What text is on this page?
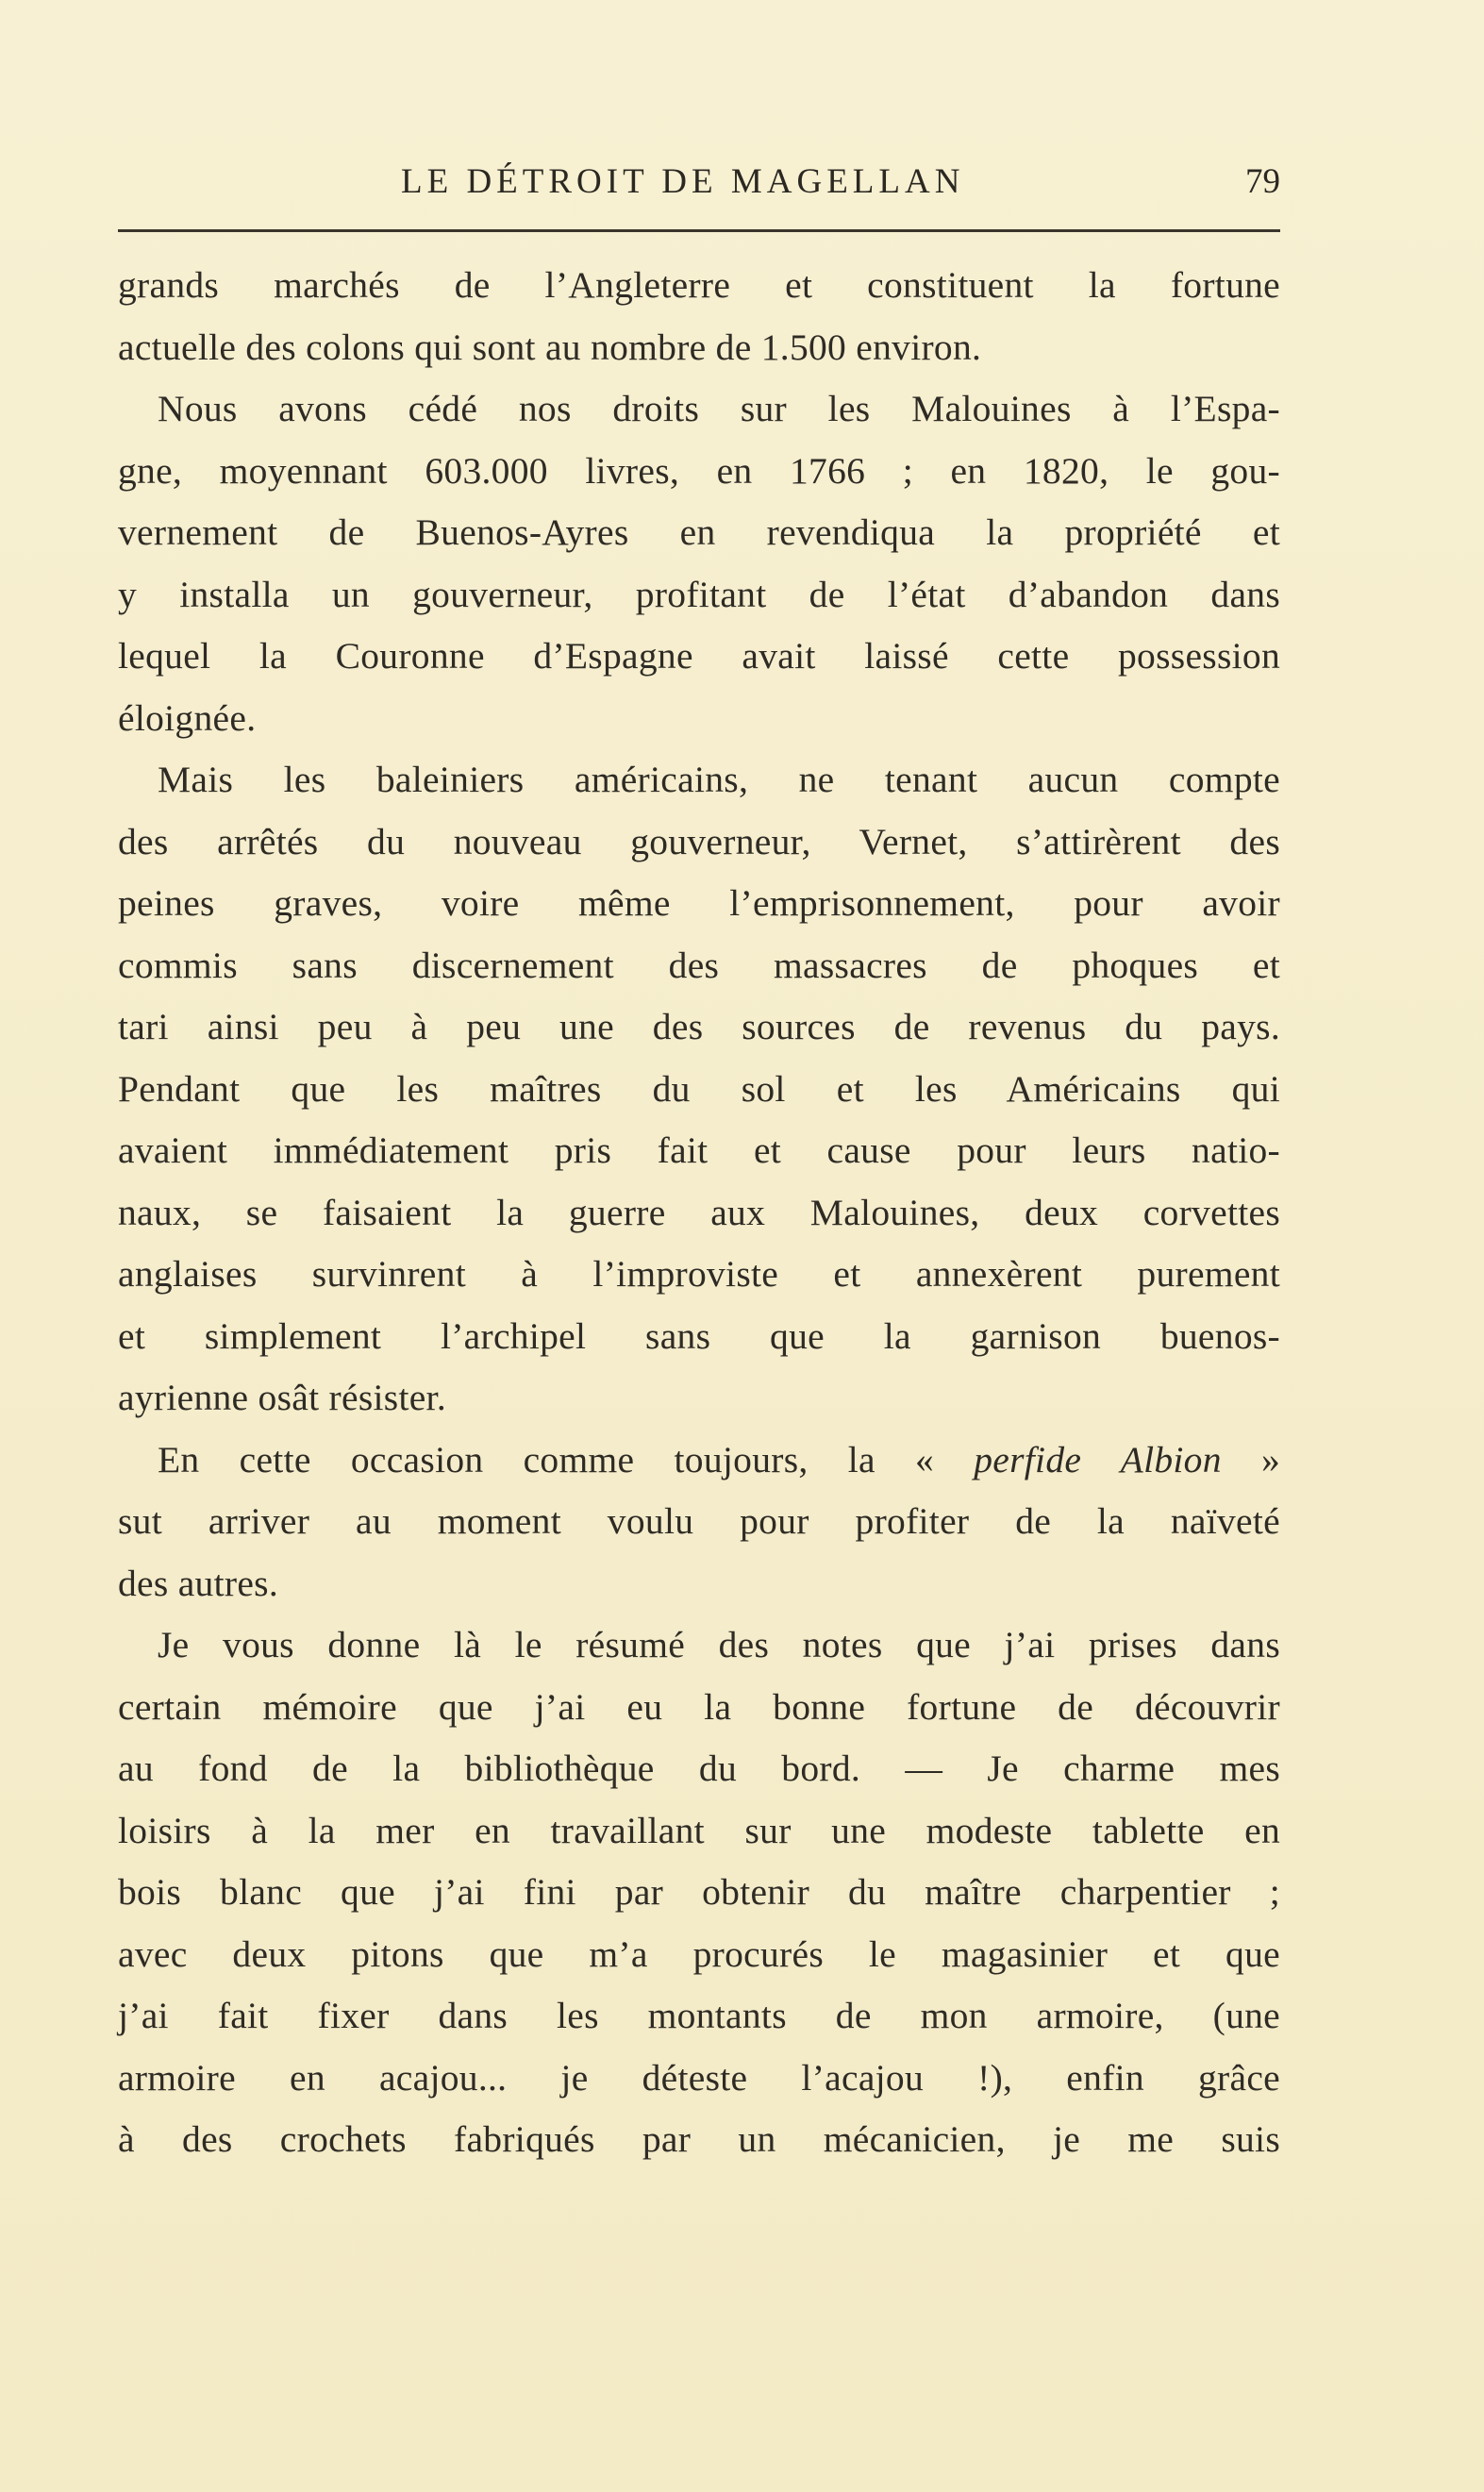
LE DÉTROIT DE MAGELLAN	79
grands marchés de l’Angleterre et constituent la fortune
actuelle des colons qui sont au nombre de 1.500 environ.
Nous avons cédé nos droits sur les Malouines à l’Espa-
gne, moyennant 603.000 livres, en 1766 ; en 1820, le gou-
vernement de Buenos-Ayres en revendiqua la propriété et
y installa un gouverneur, profitant de l’état d’abandon dans
lequel la Couronne d’Espagne avait laissé cette possession
éloignée.
Mais les baleiniers américains, ne tenant aucun compte
des arrêtés du nouveau gouverneur, Vernet, s’attirèrent des
peines graves, voire même l’emprisonnement, pour avoir
commis sans discernement des massacres de phoques et
tari ainsi peu à peu une des sources de revenus du pays.
Pendant que les maîtres du sol et les Américains qui
avaient immédiatement pris fait et cause pour leurs natio-
naux, se faisaient la guerre aux Malouines, deux corvettes
anglaises survinrent à l’improviste et annexèrent purement
et simplement l’archipel sans que la garnison buenos-
ayrienne osât résister.
En cette occasion comme toujours, la « perfide Albion »
sut arriver au moment voulu pour profiter de la naïveté
des autres.
Je vous donne là le résumé des notes que j’ai prises dans
certain mémoire que j’ai eu la bonne fortune de découvrir
au fond de la bibliothèque du bord. — Je charme mes
loisirs à la mer en travaillant sur une modeste tablette en
bois blanc que j’ai fini par obtenir du maître charpentier ;
avec deux pitons que m’a procurés le magasinier et que
j’ai fait fixer dans les montants de mon armoire, (une
armoire en acajou... je déteste l’acajou !), enfin grâce
à des crochets fabriqués par un mécanicien, je me suis
